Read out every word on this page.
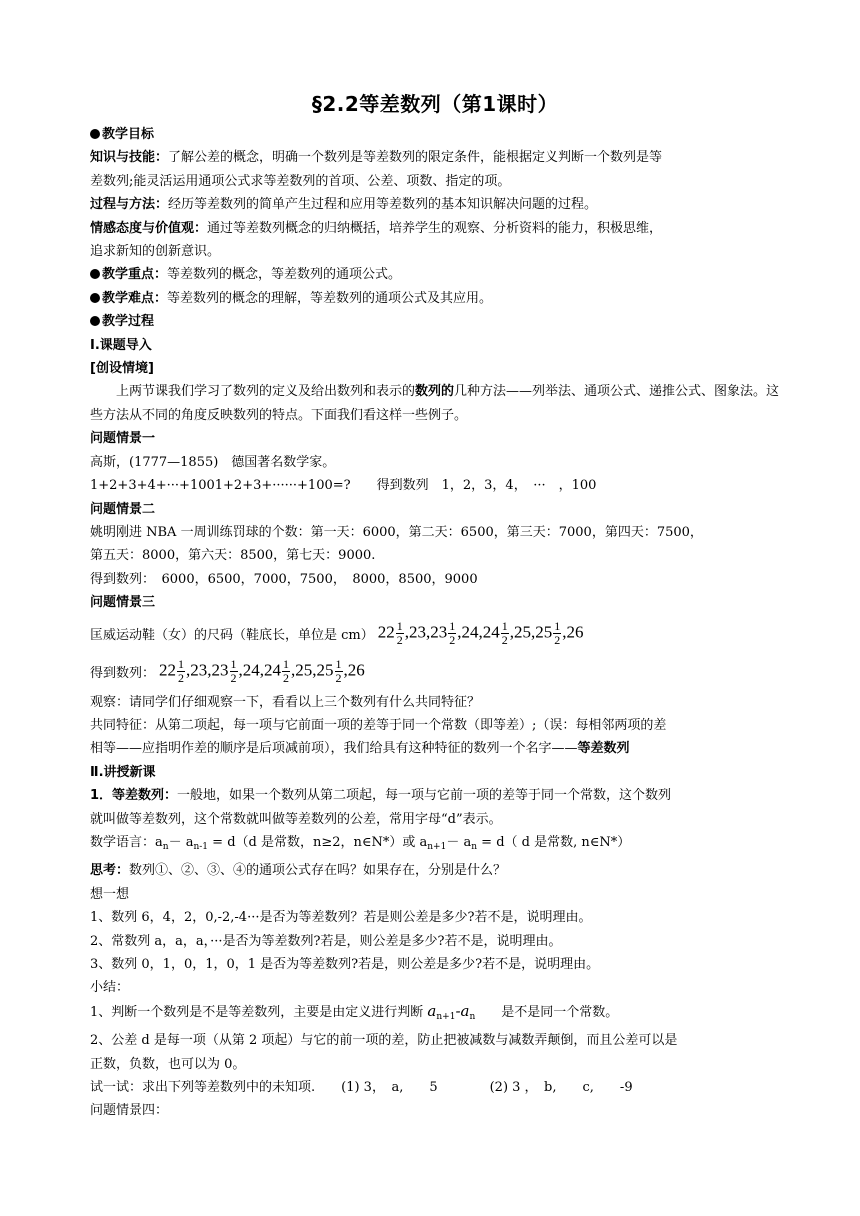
§2.2等差数列（第1课时）

教学目标

知识与技能：了解公差的概念，明确一个数列是等差数列的限定条件，能根据定义判断一个数列是等

差数列;能灵活运用通项公式求等差数列的首项、公差、项数、指定的项。

过程与方法：经历等差数列的简单产生过程和应用等差数列的基本知识解决问题的过程。

情感态度与价值观：通过等差数列概念的归纳概括，培养学生的观察、分析资料的能力，积极思维，

追求新知的创新意识。

教学重点：等差数列的概念，等差数列的通项公式。

教学难点：等差数列的概念的理解，等差数列的通项公式及其应用。

教学过程

Ⅰ.课题导入

[创设情境]

上两节课我们学习了数列的定义及给出数列和表示的数列的几种方法——列举法、通项公式、递推公式、图象法。这些方法从不同的角度反映数列的特点。下面我们看这样一些例子。

问题情景一

高斯，(1777—1855)　德国著名数学家。

1+2+3+4+···+1001+2+3+······+100=?　　得到数列　1，2，3，4，　···　，100

问题情景二

姚明刚进 NBA 一周训练罚球的个数：第一天：6000，第二天：6500，第三天：7000，第四天：7500，

第五天：8000，第六天：8500，第七天：9000.

得到数列：　6000，6500，7000，7500，　8000，8500，9000

问题情景三

匡威运动鞋（女）的尺码（鞋底长，单位是 cm） $22 \frac{1}{2} ,23,23 \frac{1}{2} ,24,24 \frac{1}{2} ,25,25 \frac{1}{2} ,26$
得到数列： $22 \frac{1}{2} ,23,23 \frac{1}{2} ,24,24 \frac{1}{2} ,25,25 \frac{1}{2} ,26$

观察：请同学们仔细观察一下，看看以上三个数列有什么共同特征？

共同特征：从第二项起，每一项与它前面一项的差等于同一个常数（即等差）;（误：每相邻两项的差

相等——应指明作差的顺序是后项减前项），我们给具有这种特征的数列一个名字——等差数列

Ⅱ.讲授新课

1．等差数列：一般地，如果一个数列从第二项起，每一项与它前一项的差等于同一个常数，这个数列

就叫做等差数列，这个常数就叫做等差数列的公差，常用字母“d”表示。

数学语言：$a_n- a_{n-1} = d(d$ 是常数，n≥2，n∈N*）或 $a_{n+1}- a_n = d$（ d 是常数, n∈N*）

思考：数列①、②、③、④的通项公式存在吗？如果存在，分别是什么？

想一想

1、数列 6，4，2，0,-2,-4···是否为等差数列？若是则公差是多少?若不是，说明理由。

2、常数列 a，a，a，···是否为等差数列?若是，则公差是多少?若不是，说明理由。

3、数列 0，1，0，1，0，1 是否为等差数列?若是，则公差是多少?若不是，说明理由。

小结：

1、判断一个数列是不是等差数列，主要是由定义进行判断 $a_{n+1}-a_n$　　是不是同一个常数。

2、公差 d 是每一项（从第 2 项起）与它的前一项的差，防止把被减数与减数弄颠倒，而且公差可以是

正数，负数，也可以为 0。

试一试：求出下列等差数列中的未知项.　　(1) 3，　a,　　5　　　　(2) 3 ，　b,　　c,　　-9

问题情景四：
